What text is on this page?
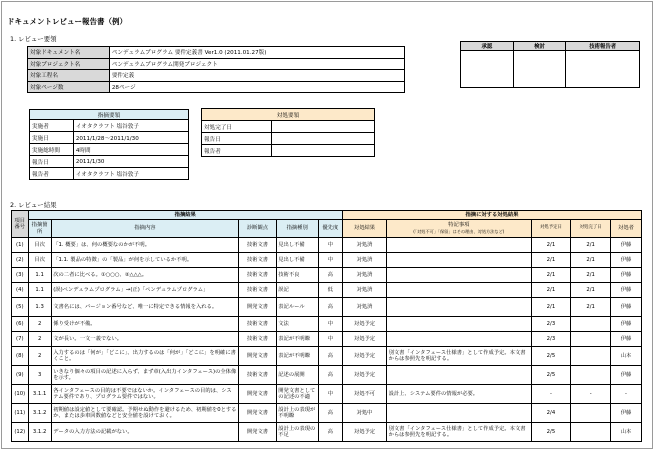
ドキュメントレビュー報告書（例）
1. レビュー要領
対象ドキュメント名	ペンデュラムプログラム 要件定義書 Ver1.0 (2011.01.27版)
対象プロジェクト名	ペンデュラムプログラム開発プロジェクト
対象工程名	要件定義
対象ページ数	28ページ
承認	検討	技術報告者

指摘要領	
実施者	イオタクラフト 塩谷敦子
実施日	2011/1/28〜2011/1/30
実施総時間	4時間
報告日	2011/1/30
報告者	イオタクラフト 塩谷敦子
対処要領	
対処完了日	
報告日	
報告者	
2. レビュー結果
項目番号	指摘結果					指摘に対する対処結果				
	指摘箇所	指摘内容	診断観点	指摘種別	優先度	対処結果	特記事項
(「対処不可」「保留」はその理由、対処方法など)	対処予定日	対処完了日	対処者
(1)	目次	「1. 概要」は、何の概要なのかが不明。	技術文書	見出し不備	中	対処済		2/1	2/1	伊藤
(2)	目次	「1.1. 製品の特徴」の「製品」が何を示しているか不明。	技術文書	見出し不備	中	対処済		2/1	2/1	伊藤
(3)	1.1	次の二者に比べる。①○○○、②△△△。	技術文書	技術不良	高	対処済		2/1	2/1	伊藤
(4)	1.1	(誤)ペンデュラムプログラム」→(正)「ペンデュラムプログラム」	技術文書	誤記	低	対処済		2/1	2/1	伊藤
(5)	1.3	文書名には、バージョン番号など、唯一に特定できる情報を入れる。	開発文書	表記ルール	高	対処済		2/1	2/1	伊藤
(6)	2	係り受けが不備。	技術文書	文法	中	対処予定		2/3		伊藤
(7)	2	文が長い。一文一義でない。	技術文書	表記が不明瞭	中	対処予定		2/3		伊藤
(8)	2	入力するのは「何が」「どこに」、出力するのは「何が」「どこに」を明確に書くこと。	開発文書	表記が不明瞭	高	対処予定	別文書「インタフェース仕様書」として作成予定。本文書からは参照先を明記する。	2/5		山本
(9)	3	いきなり個々の項目の記述に入らず、まず章(入出力インタフェース)の全体像を示す。	技術文書	記述の展開	高	対処予定		2/5		伊藤
(10)	3.1.1	各インタフェースの目的は不要ではないか。インタフェースの目的は、システム要件であり、プログラム要件ではない。	開発文書	開発文書としての記述の不適	中	対処不可	設計上、システム要件の情報が必要。	-	-	-
(11)	3.1.2	初期値は設定値として要確認。予期せぬ動作を避けるため、初期値を0とするか、または歩車回数値などと安全値を設けておく。	開発文書	設計上の表現が不明瞭	高	対処中		2/4		伊藤
(12)	3.1.2	データの入力方法の記載がない。	開発文書	設計上の表現の不足	高	対処予定	別文書「インタフェース仕様書」として作成予定。本文書からは参照先を明記する。	2/5		山本
